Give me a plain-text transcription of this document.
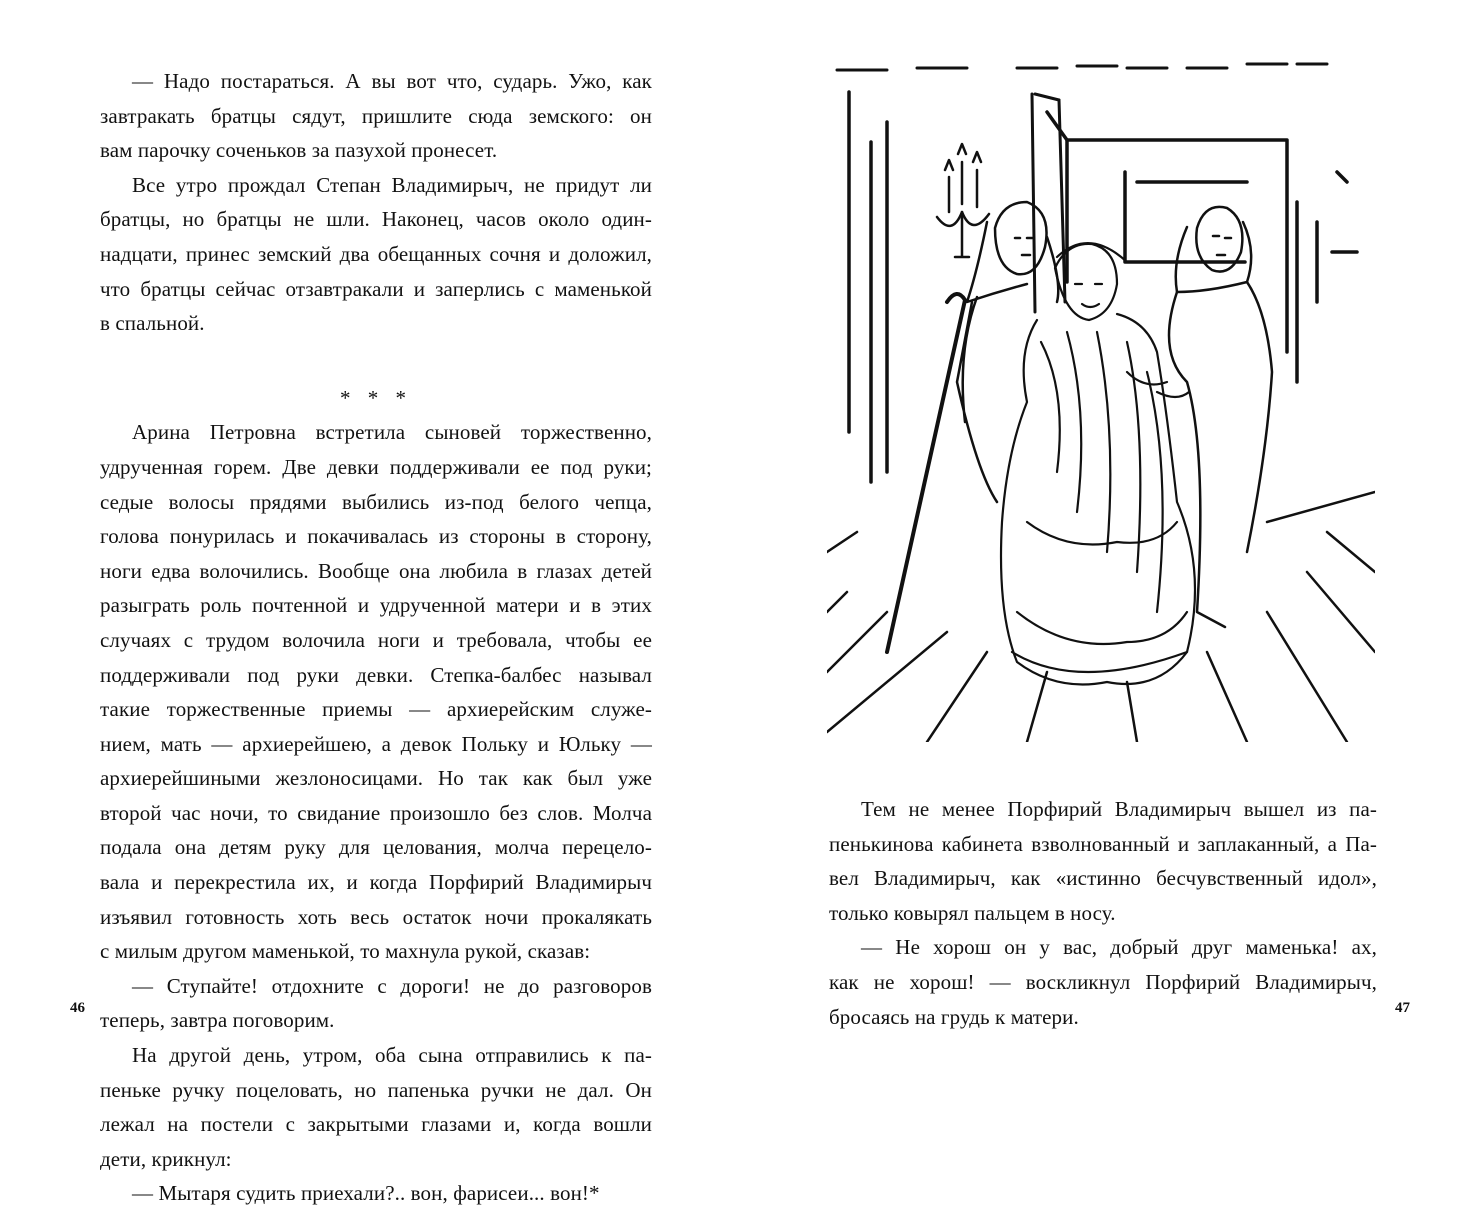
— Надо постараться. А вы вот что, сударь. Ужо, как

завтракать братцы сядут, пришлите сюда земского: он

вам парочку соченьков за пазухой пронесет.

Все утро прождал Степан Владимирыч, не придут ли

братцы, но братцы не шли. Наконец, часов около один-

надцати, принес земский два обещанных сочня и доложил,

что братцы сейчас отзавтракали и заперлись с маменькой

в спальной.

* * *

Арина Петровна встретила сыновей торжественно,

удрученная горем. Две девки поддерживали ее под руки;

седые волосы прядями выбились из-под белого чепца,

голова понурилась и покачивалась из стороны в сторону,

ноги едва волочились. Вообще она любила в глазах детей

разыграть роль почтенной и удрученной матери и в этих

случаях с трудом волочила ноги и требовала, чтобы ее

поддерживали под руки девки. Степка-балбес называл

такие торжественные приемы — архиерейским служе-

нием, мать — архиерейшею, а девок Польку и Юльку —

архиерейшиными жезлоносицами. Но так как был уже

второй час ночи, то свидание произошло без слов. Молча

подала она детям руку для целования, молча перецело-

вала и перекрестила их, и когда Порфирий Владимирыч

изъявил готовность хоть весь остаток ночи прокалякать

с милым другом маменькой, то махнула рукой, сказав:

— Ступайте! отдохните с дороги! не до разговоров

теперь, завтра поговорим.

На другой день, утром, оба сына отправились к па-

пеньке ручку поцеловать, но папенька ручки не дал. Он

лежал на постели с закрытыми глазами и, когда вошли

дети, крикнул:

— Мытаря судить приехали?.. вон, фарисеи... вон!*

46

Тем не менее Порфирий Владимирыч вышел из па-

пенькинова кабинета взволнованный и заплаканный, а Па-

вел Владимирыч, как «истинно бесчувственный идол»,

только ковырял пальцем в носу.

— Не хорош он у вас, добрый друг маменька! ах,

как не хорош! — воскликнул Порфирий Владимирыч,

бросаясь на грудь к матери.	47
